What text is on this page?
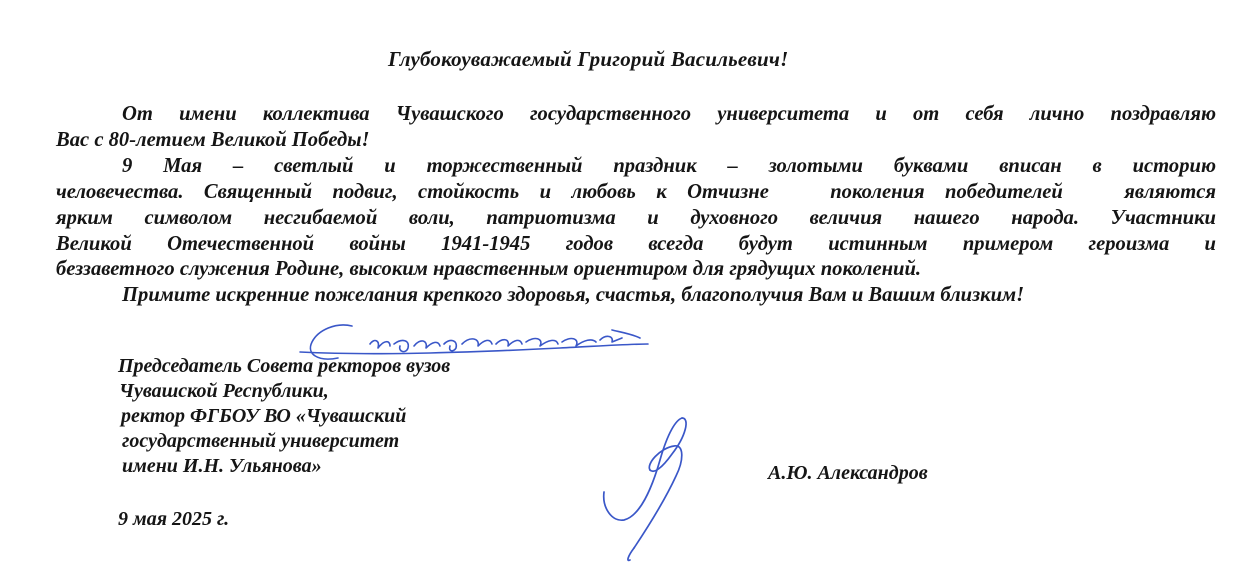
Глубокоуважаемый Григорий Васильевич!
От имени коллектива Чувашского государственного университета и от себя лично поздравляю
Вас с 80-летием Великой Победы!
9 Мая – светлый и торжественный праздник – золотыми буквами вписан в историю
человечества. Священный подвиг, стойкость и любовь к Отчизне   поколения победителей   являются
ярким символом несгибаемой воли, патриотизма и духовного величия нашего народа. Участники
Великой Отечественной войны 1941-1945 годов всегда будут истинным примером героизма и
беззаветного служения Родине, высоким нравственным ориентиром для грядущих поколений.
Примите искренние пожелания крепкого здоровья, счастья, благополучия Вам и Вашим близким!
Председатель Совета ректоров вузов
Чувашской Республики,
ректор ФГБОУ ВО «Чувашский
государственный университет
имени И.Н. Ульянова»	А.Ю. Александров
9 мая 2025 г.
